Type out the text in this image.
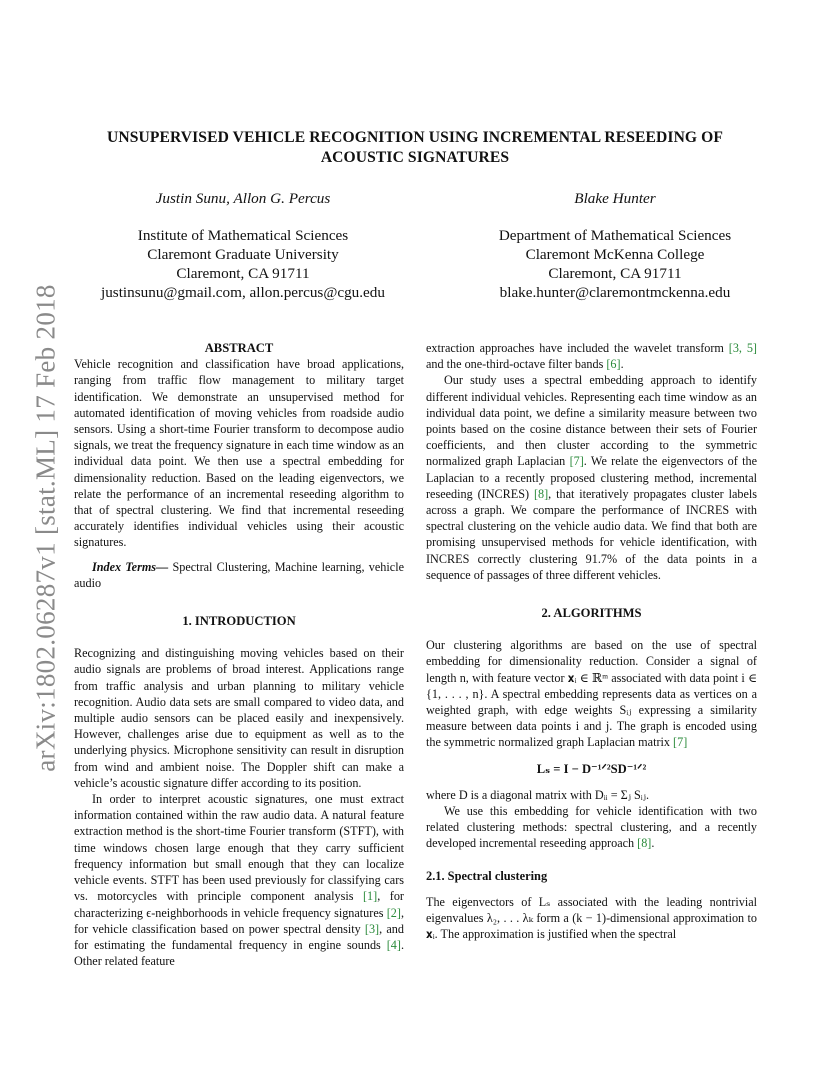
arXiv:1802.06287v1 [stat.ML] 17 Feb 2018
UNSUPERVISED VEHICLE RECOGNITION USING INCREMENTAL RESEEDING OF ACOUSTIC SIGNATURES
Justin Sunu, Allon G. Percus
Institute of Mathematical Sciences
Claremont Graduate University
Claremont, CA 91711
justinsunu@gmail.com, allon.percus@cgu.edu
Blake Hunter
Department of Mathematical Sciences
Claremont McKenna College
Claremont, CA 91711
blake.hunter@claremontmckenna.edu

ABSTRACT

Vehicle recognition and classification have broad applications, ranging from traffic flow management to military target identification. We demonstrate an unsupervised method for automated identification of moving vehicles from roadside audio sensors. Using a short-time Fourier transform to decompose audio signals, we treat the frequency signature in each time window as an individual data point. We then use a spectral embedding for dimensionality reduction. Based on the leading eigenvectors, we relate the performance of an incremental reseeding algorithm to that of spectral clustering. We find that incremental reseeding accurately identifies individual vehicles using their acoustic signatures.

Index Terms— Spectral Clustering, Machine learning, vehicle audio

1. INTRODUCTION

Recognizing and distinguishing moving vehicles based on their audio signals are problems of broad interest. Applications range from traffic analysis and urban planning to military vehicle recognition. Audio data sets are small compared to video data, and multiple audio sensors can be placed easily and inexpensively. However, challenges arise due to equipment as well as to the underlying physics. Microphone sensitivity can result in disruption from wind and ambient noise. The Doppler shift can make a vehicle’s acoustic signature differ according to its position.

In order to interpret acoustic signatures, one must extract information contained within the raw audio data. A natural feature extraction method is the short-time Fourier transform (STFT), with time windows chosen large enough that they carry sufficient frequency information but small enough that they can localize vehicle events. STFT has been used previously for classifying cars vs. motorcycles with principle component analysis [1], for characterizing ϵ-neighborhoods in vehicle frequency signatures [2], for vehicle classification based on power spectral density [3], and for estimating the fundamental frequency in engine sounds [4]. Other related feature

extraction approaches have included the wavelet transform [3, 5] and the one-third-octave filter bands [6].

Our study uses a spectral embedding approach to identify different individual vehicles. Representing each time window as an individual data point, we define a similarity measure between two points based on the cosine distance between their sets of Fourier coefficients, and then cluster according to the symmetric normalized graph Laplacian [7]. We relate the eigenvectors of the Laplacian to a recently proposed clustering method, incremental reseeding (INCRES) [8], that iteratively propagates cluster labels across a graph. We compare the performance of INCRES with spectral clustering on the vehicle audio data. We find that both are promising unsupervised methods for vehicle identification, with INCRES correctly clustering 91.7% of the data points in a sequence of passages of three different vehicles.

2. ALGORITHMS

Our clustering algorithms are based on the use of spectral embedding for dimensionality reduction. Consider a signal of length n, with feature vector 𝐱ᵢ ∈ ℝᵐ associated with data point i ∈ {1, . . . , n}. A spectral embedding represents data as vertices on a weighted graph, with edge weights Sᵢⱼ expressing a similarity measure between data points i and j. The graph is encoded using the symmetric normalized graph Laplacian matrix [7]

Lₛ = I − D⁻¹ᐟ²SD⁻¹ᐟ²

where D is a diagonal matrix with Dᵢᵢ = Σⱼ Sᵢⱼ.

We use this embedding for vehicle identification with two related clustering methods: spectral clustering, and a recently developed incremental reseeding approach [8].

2.1. Spectral clustering

The eigenvectors of Lₛ associated with the leading nontrivial eigenvalues λ₂, . . . λₖ form a (k − 1)-dimensional approximation to 𝐱ᵢ. The approximation is justified when the spectral
